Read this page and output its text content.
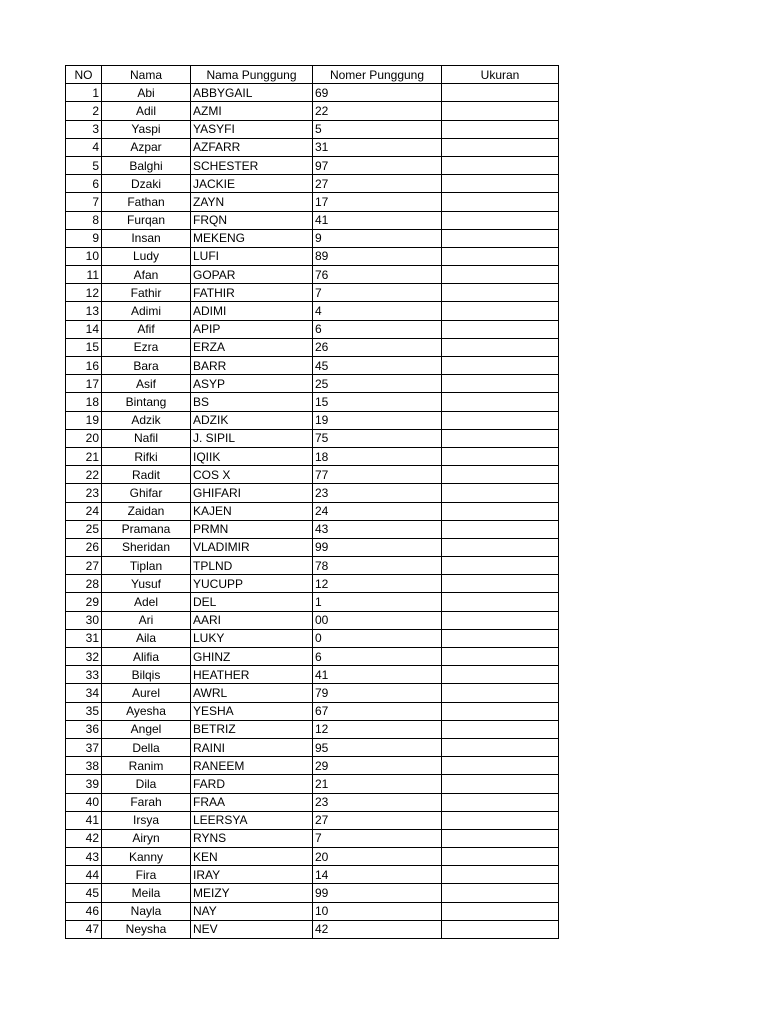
NO	Nama	Nama Punggung	Nomer Punggung	Ukuran
1	Abi	ABBYGAIL	69	
2	Adil	AZMI	22	
3	Yaspi	YASYFI	5	
4	Azpar	AZFARR	31	
5	Balghi	SCHESTER	97	
6	Dzaki	JACKIE	27	
7	Fathan	ZAYN	17	
8	Furqan	FRQN	41	
9	Insan	MEKENG	9	
10	Ludy	LUFI	89	
11	Afan	GOPAR	76	
12	Fathir	FATHIR	7	
13	Adimi	ADIMI	4	
14	Afif	APIP	6	
15	Ezra	ERZA	26	
16	Bara	BARR	45	
17	Asif	ASYP	25	
18	Bintang	BS	15	
19	Adzik	ADZIK	19	
20	Nafil	J. SIPIL	75	
21	Rifki	IQIIK	18	
22	Radit	COS X	77	
23	Ghifar	GHIFARI	23	
24	Zaidan	KAJEN	24	
25	Pramana	PRMN	43	
26	Sheridan	VLADIMIR	99	
27	Tiplan	TPLND	78	
28	Yusuf	YUCUPP	12	
29	Adel	DEL	1	
30	Ari	AARI	00	
31	Aila	LUKY	0	
32	Alifia	GHINZ	6	
33	Bilqis	HEATHER	41	
34	Aurel	AWRL	79	
35	Ayesha	YESHA	67	
36	Angel	BETRIZ	12	
37	Della	RAINI	95	
38	Ranim	RANEEM	29	
39	Dila	FARD	21	
40	Farah	FRAA	23	
41	Irsya	LEERSYA	27	
42	Airyn	RYNS	7	
43	Kanny	KEN	20	
44	Fira	IRAY	14	
45	Meila	MEIZY	99	
46	Nayla	NAY	10	
47	Neysha	NEV	42	
